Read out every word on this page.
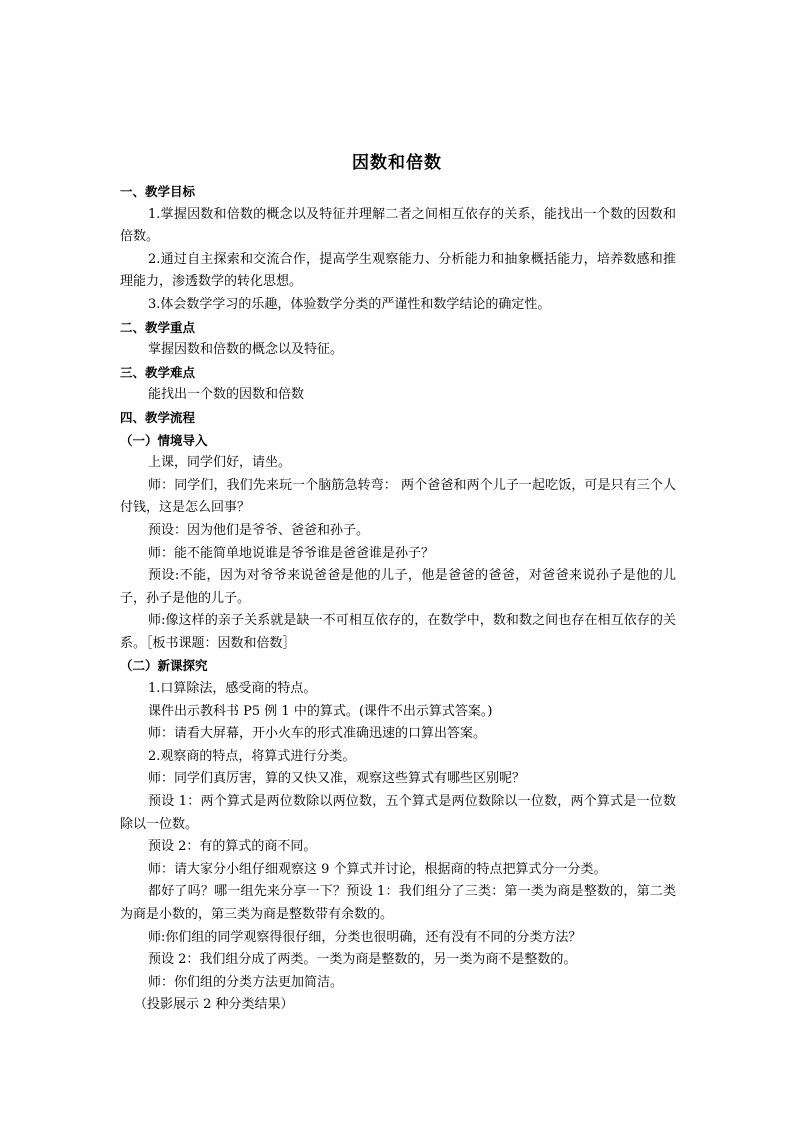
因数和倍数
一、教学目标
1.掌握因数和倍数的概念以及特征并理解二者之间相互依存的关系，能找出一个数的因数和倍数。
2.通过自主探索和交流合作，提高学生观察能力、分析能力和抽象概括能力，培养数感和推理能力，渗透数学的转化思想。
3.体会数学学习的乐趣，体验数学分类的严谨性和数学结论的确定性。
二、教学重点
掌握因数和倍数的概念以及特征。
三、教学难点
能找出一个数的因数和倍数
四、教学流程
（一）情境导入
上课，同学们好，请坐。
师：同学们，我们先来玩一个脑筋急转弯： 两个爸爸和两个儿子一起吃饭，可是只有三个人付钱，这是怎么回事？
预设：因为他们是爷爷、爸爸和孙子。
师：能不能简单地说谁是爷爷谁是爸爸谁是孙子？
预设:不能，因为对爷爷来说爸爸是他的儿子，他是爸爸的爸爸，对爸爸来说孙子是他的儿子，孙子是他的儿子。
师:像这样的亲子关系就是缺一不可相互依存的，在数学中，数和数之间也存在相互依存的关系。［板书课题：因数和倍数］
（二）新课探究
1.口算除法，感受商的特点。
课件出示教科书 P5 例 1 中的算式。(课件不出示算式答案。)
师：请看大屏幕，开小火车的形式准确迅速的口算出答案。
2.观察商的特点，将算式进行分类。
师：同学们真厉害，算的又快又准，观察这些算式有哪些区别呢？
预设 1：两个算式是两位数除以两位数，五个算式是两位数除以一位数，两个算式是一位数除以一位数。
预设 2：有的算式的商不同。
师：请大家分小组仔细观察这 9 个算式并讨论，根据商的特点把算式分一分类。
都好了吗？哪一组先来分享一下？预设 1：我们组分了三类：第一类为商是整数的，第二类为商是小数的，第三类为商是整数带有余数的。
师:你们组的同学观察得很仔细，分类也很明确，还有没有不同的分类方法？
预设 2：我们组分成了两类。一类为商是整数的，另一类为商不是整数的。
师：你们组的分类方法更加简洁。
（投影展示 2 种分类结果）
